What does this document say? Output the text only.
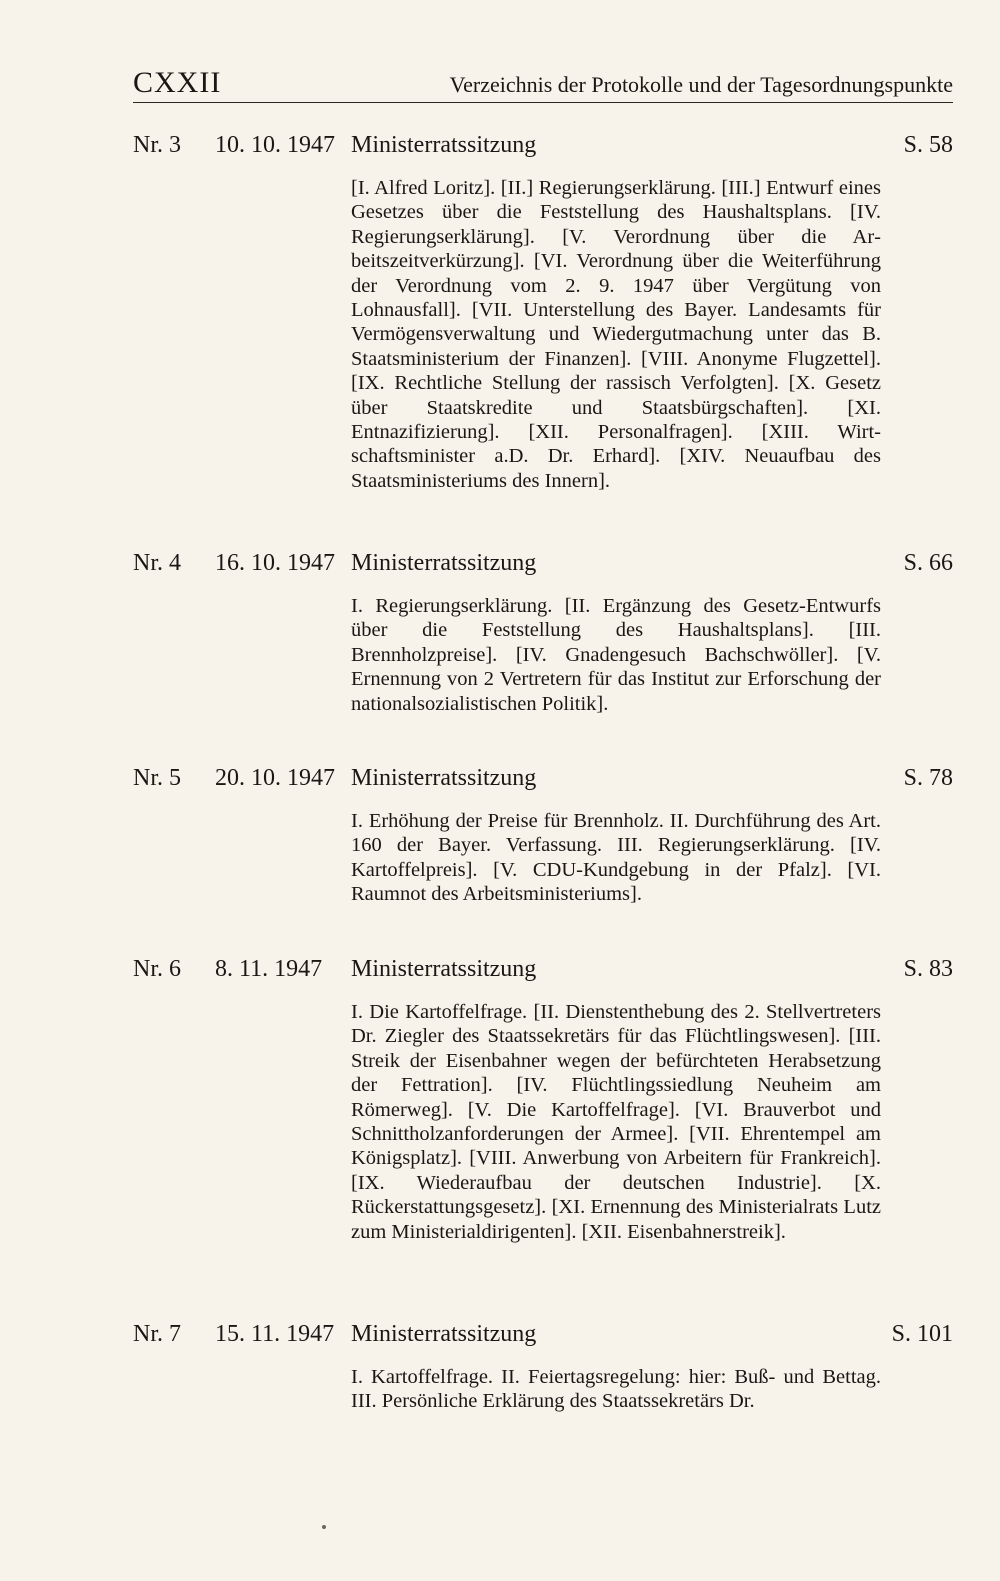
CXXII	Verzeichnis der Protokolle und der Tagesordnungspunkte
Nr. 3 10. 10. 1947 Ministerratssitzung	S. 58
[I. Alfred Loritz]. [II.] Regierungserklärung. [III.] Entwurf eines Gesetzes über die Feststellung des Haushaltsplans. [IV. Regierungserklärung]. [V. Verordnung über die Arbeitszeitverkürzung]. [VI. Verordnung über die Weiterführung der Verordnung vom 2. 9. 1947 über Vergütung von Lohnausfall]. [VII. Unterstellung des Bayer. Landesamts für Vermögensverwaltung und Wiedergutmachung unter das B. Staatsministerium der Finanzen]. [VIII. Anonyme Flugzettel]. [IX. Rechtliche Stellung der rassisch Verfolgten]. [X. Gesetz über Staatskredite und Staatsbürgschaften]. [XI. Entnazifizierung]. [XII. Personalfragen]. [XIII. Wirtschaftsminister a.D. Dr. Erhard]. [XIV. Neuaufbau des Staatsministeriums des Innern].
Nr. 4 16. 10. 1947 Ministerratssitzung	S. 66
I. Regierungserklärung. [II. Ergänzung des Gesetz-Entwurfs über die Feststellung des Haushaltsplans]. [III. Brennholzpreise]. [IV. Gnadengesuch Bachschwöller]. [V. Ernennung von 2 Vertretern für das Institut zur Erforschung der nationalsozialistischen Politik].
Nr. 5 20. 10. 1947 Ministerratssitzung	S. 78
I. Erhöhung der Preise für Brennholz. II. Durchführung des Art. 160 der Bayer. Verfassung. III. Regierungserklärung. [IV. Kartoffelpreis]. [V. CDU-Kundgebung in der Pfalz]. [VI. Raumnot des Arbeitsministeriums].
Nr. 6 8. 11. 1947 Ministerratssitzung	S. 83
I. Die Kartoffelfrage. [II. Dienstenthebung des 2. Stellvertreters Dr. Ziegler des Staatssekretärs für das Flüchtlingswesen]. [III. Streik der Eisenbahner wegen der befürchteten Herabsetzung der Fettration]. [IV. Flüchtlingssiedlung Neuheim am Römerweg]. [V. Die Kartoffelfrage]. [VI. Brauverbot und Schnittholzanforderungen der Armee]. [VII. Ehrentempel am Königsplatz]. [VIII. Anwerbung von Arbeitern für Frankreich]. [IX. Wiederaufbau der deutschen Industrie]. [X. Rückerstattungsgesetz]. [XI. Ernennung des Ministerialrats Lutz zum Ministerialdirigenten]. [XII. Eisenbahnerstreik].
Nr. 7 15. 11. 1947 Ministerratssitzung	S. 101
I. Kartoffelfrage. II. Feiertagsregelung: hier: Buß- und Bettag. III. Persönliche Erklärung des Staatssekretärs Dr.
